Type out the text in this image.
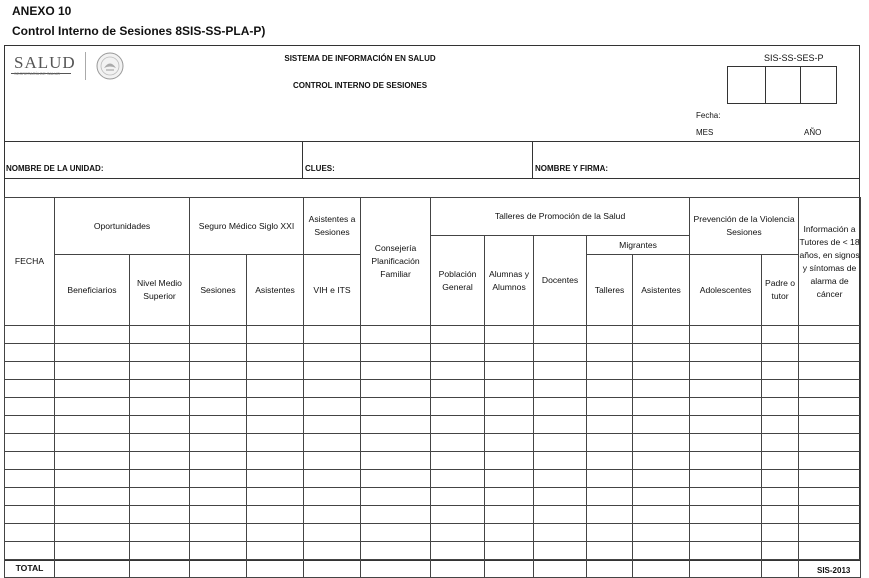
ANEXO 10
Control Interno de Sesiones 8SIS-SS-PLA-P)
SALUD
SECRETARÍA DE SALUD
SISTEMA DE INFORMACIÓN EN SALUD
CONTROL INTERNO DE SESIONES
SIS-SS-SES-P
Fecha:
MES	AÑO
NOMBRE DE LA UNIDAD:	CLUES:	NOMBRE Y FIRMA:
FECHA	Oportunidades		Seguro Médico Siglo XXI		Asistentes a Sesiones	Consejería Planificación Familiar	Talleres de Promoción de la Salud					Prevención de la Violencia Sesiones		Información a Tutores de < 18 años, en signos y síntomas de alarma de cáncer
							Población General	Alumnas y Alumnos	Docentes	Migrantes				
	Beneficiarios	Nivel Medio Superior	Sesiones	Asistentes	VIH e ITS					Talleres	Asistentes	Adolescentes	Padre o tutor	

TOTAL															SIS-2013
